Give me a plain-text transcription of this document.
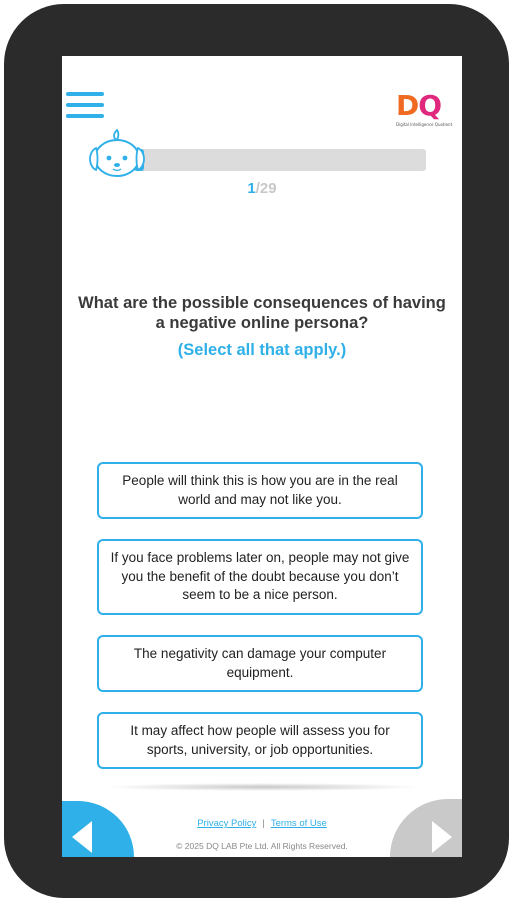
DQ
Digital Intelligence Quotient
1/29
What are the possible consequences of having a negative online persona?
(Select all that apply.)
People will think this is how you are in the real world and may not like you.
If you face problems later on, people may not give you the benefit of the doubt because you don’t seem to be a nice person.
The negativity can damage your computer equipment.
It may affect how people will assess you for sports, university, or job opportunities.
Privacy Policy | Terms of Use
© 2025 DQ LAB Pte Ltd. All Rights Reserved.
